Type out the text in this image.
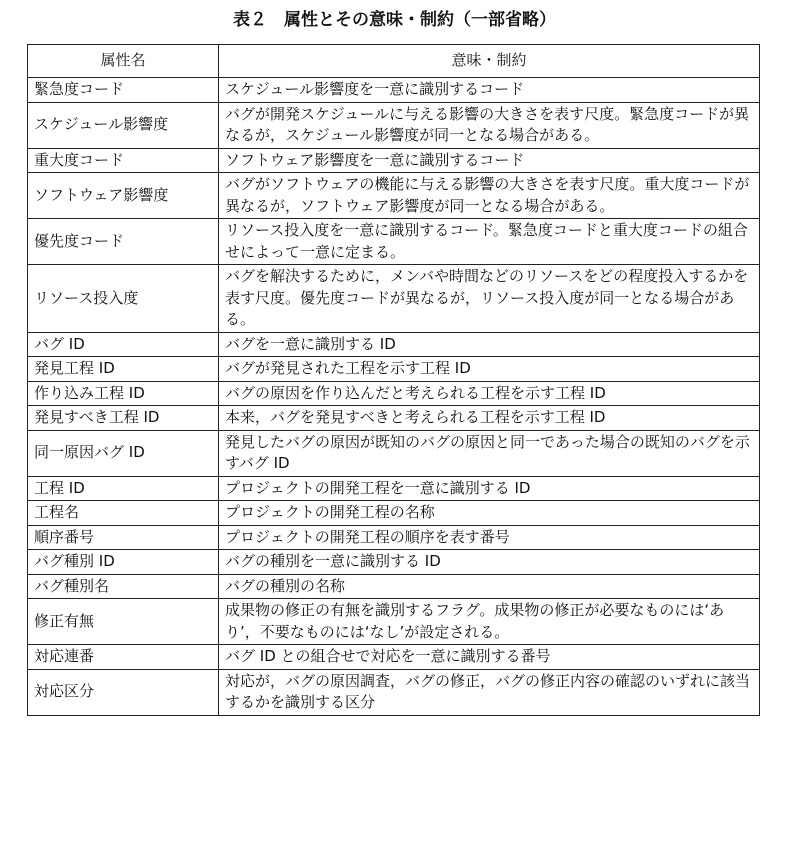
表２　属性とその意味・制約（一部省略）
属性名	意味・制約
緊急度コード	スケジュール影響度を一意に識別するコード
スケジュール影響度	バグが開発スケジュールに与える影響の大きさを表す尺度。緊急度コードが異なるが，スケジュール影響度が同一となる場合がある。
重大度コード	ソフトウェア影響度を一意に識別するコード
ソフトウェア影響度	バグがソフトウェアの機能に与える影響の大きさを表す尺度。重大度コードが異なるが，ソフトウェア影響度が同一となる場合がある。
優先度コード	リソース投入度を一意に識別するコード。緊急度コードと重大度コードの組合せによって一意に定まる。
リソース投入度	バグを解決するために，メンバや時間などのリソースをどの程度投入するかを表す尺度。優先度コードが異なるが，リソース投入度が同一となる場合がある。
バグ ID	バグを一意に識別する ID
発見工程 ID	バグが発見された工程を示す工程 ID
作り込み工程 ID	バグの原因を作り込んだと考えられる工程を示す工程 ID
発見すべき工程 ID	本来，バグを発見すべきと考えられる工程を示す工程 ID
同一原因バグ ID	発見したバグの原因が既知のバグの原因と同一であった場合の既知のバグを示すバグ ID
工程 ID	プロジェクトの開発工程を一意に識別する ID
工程名	プロジェクトの開発工程の名称
順序番号	プロジェクトの開発工程の順序を表す番号
バグ種別 ID	バグの種別を一意に識別する ID
バグ種別名	バグの種別の名称
修正有無	成果物の修正の有無を識別するフラグ。成果物の修正が必要なものには‘あり’，不要なものには‘なし’が設定される。
対応連番	バグ ID との組合せで対応を一意に識別する番号
対応区分	対応が，バグの原因調査，バグの修正，バグの修正内容の確認のいずれに該当するかを識別する区分
